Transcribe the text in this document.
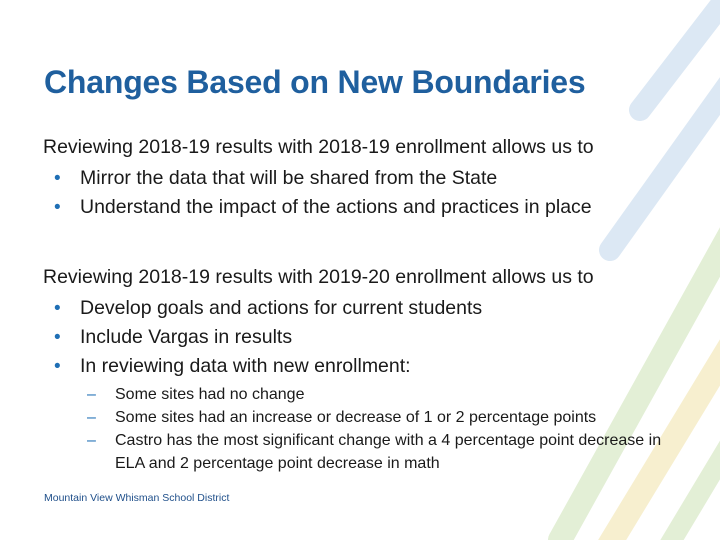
Changes Based on New Boundaries

Reviewing 2018-19 results with 2018-19 enrollment allows us to

• Mirror the data that will be shared from the State
• Understand the impact of the actions and practices in place

Reviewing 2018-19 results with 2019-20 enrollment allows us to

• Develop goals and actions for current students
• Include Vargas in results
• In reviewing data with new enrollment:
– Some sites had no change
– Some sites had an increase or decrease of 1 or 2 percentage points
– Castro has the most significant change with a 4 percentage point decrease in ELA and 2 percentage point decrease in math

Mountain View Whisman School District
